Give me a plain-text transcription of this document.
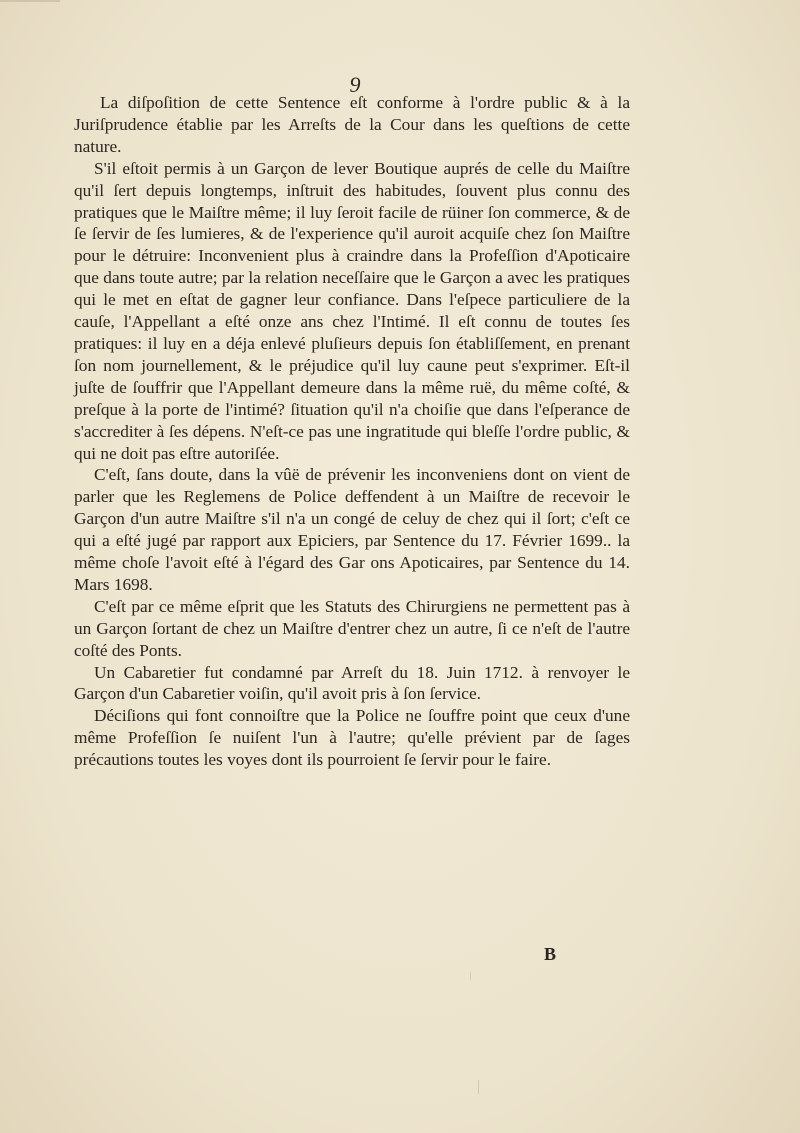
9

La diſpoſition de cette Sentence eſt conforme à l'ordre public & à la Juriſprudence établie par les Arreſts de la Cour dans les queſtions de cette nature.

S'il eſtoit permis à un Garçon de lever Boutique auprés de celle du Maiſtre qu'il ſert depuis longtemps, inſtruit des habitudes, ſouvent plus connu des pratiques que le Maiſtre même; il luy ſeroit facile de rüiner ſon commerce, & de ſe ſervir de ſes lumieres, & de l'experience qu'il auroit acquiſe chez ſon Maiſtre pour le détruire: Inconvenient plus à craindre dans la Profeſſion d'Apoticaire que dans toute autre; par la relation neceſſaire que le Garçon a avec les pratiques qui le met en eſtat de gagner leur confiance. Dans l'eſpece particuliere de la cauſe, l'Appellant a eſté onze ans chez l'Intimé. Il eſt connu de toutes ſes pratiques: il luy en a déja enlevé pluſieurs depuis ſon établiſſement, en prenant ſon nom journellement, & le préjudice qu'il luy caune peut s'exprimer. Eſt-il juſte de ſouffrir que l'Appellant demeure dans la même ruë, du même coſté, & preſque à la porte de l'intimé? ſituation qu'il n'a choiſie que dans l'eſperance de s'accrediter à ſes dépens. N'eſt-ce pas une ingratitude qui bleſſe l'ordre public, & qui ne doit pas eſtre autoriſée.

C'eſt, ſans doute, dans la vûë de prévenir les inconveniens dont on vient de parler que les Reglemens de Police deffendent à un Maiſtre de recevoir le Garçon d'un autre Maiſtre s'il n'a un congé de celuy de chez qui il ſort; c'eſt ce qui a eſté jugé par rapport aux Epiciers, par Sentence du 17. Février 1699.. la même choſe l'avoit eſté à l'égard des Gar ons Apoticaires, par Sentence du 14. Mars 1698.

C'eſt par ce même eſprit que les Statuts des Chirurgiens ne permettent pas à un Garçon ſortant de chez un Maiſtre d'entrer chez un autre, ſi ce n'eſt de l'autre coſté des Ponts.

Un Cabaretier fut condamné par Arreſt du 18. Juin 1712. à renvoyer le Garçon d'un Cabaretier voiſin, qu'il avoit pris à ſon ſervice.

Déciſions qui font connoiſtre que la Police ne ſouffre point que ceux d'une même Profeſſion ſe nuiſent l'un à l'autre; qu'elle prévient par de ſages précautions toutes les voyes dont ils pourroient ſe ſervir pour le faire.

B
